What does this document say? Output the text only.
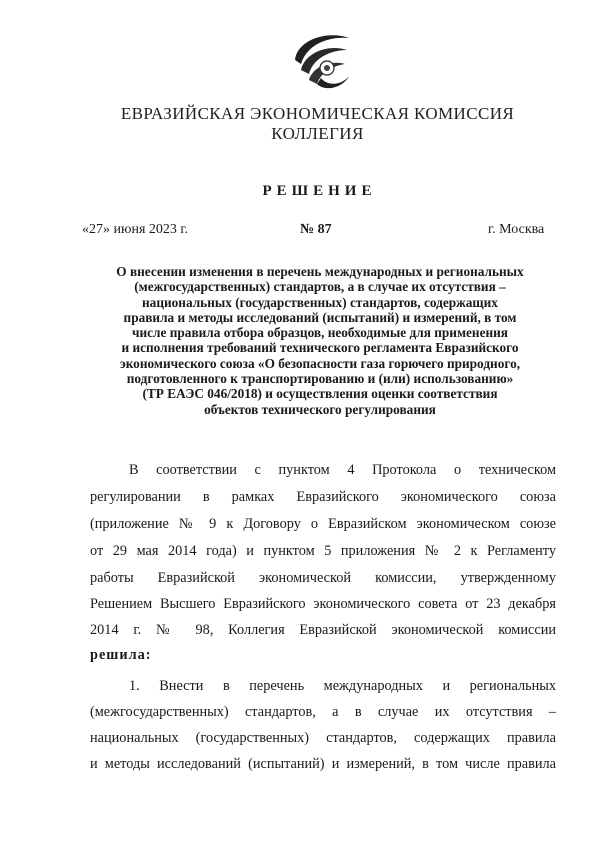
ЕВРАЗИЙСКАЯ ЭКОНОМИЧЕСКАЯ КОМИССИЯ
КОЛЛЕГИЯ
РЕШЕНИЕ
«27» июня 2023 г.	№ 87	г. Москва
О внесении изменения в перечень международных и региональных
(межгосударственных) стандартов, а в случае их отсутствия –
национальных (государственных) стандартов, содержащих
правила и методы исследований (испытаний) и измерений, в том
числе правила отбора образцов, необходимые для применения
и исполнения требований технического регламента Евразийского
экономического союза «О безопасности газа горючего природного,
подготовленного к транспортированию и (или) использованию»
(ТР ЕАЭС 046/2018) и осуществления оценки соответствия
объектов технического регулирования
В соответствии с пунктом 4 Протокола о техническом
регулировании в рамках Евразийского экономического союза
(приложение № 9 к Договору о Евразийском экономическом союзе
от 29 мая 2014 года) и пунктом 5 приложения № 2 к Регламенту
работы Евразийской экономической комиссии, утвержденному
Решением Высшего Евразийского экономического совета от 23 декабря
2014 г. № 98, Коллегия Евразийской экономической комиссии
решила:
1. Внести в перечень международных и региональных
(межгосударственных) стандартов, а в случае их отсутствия –
национальных (государственных) стандартов, содержащих правила
и методы исследований (испытаний) и измерений, в том числе правила
